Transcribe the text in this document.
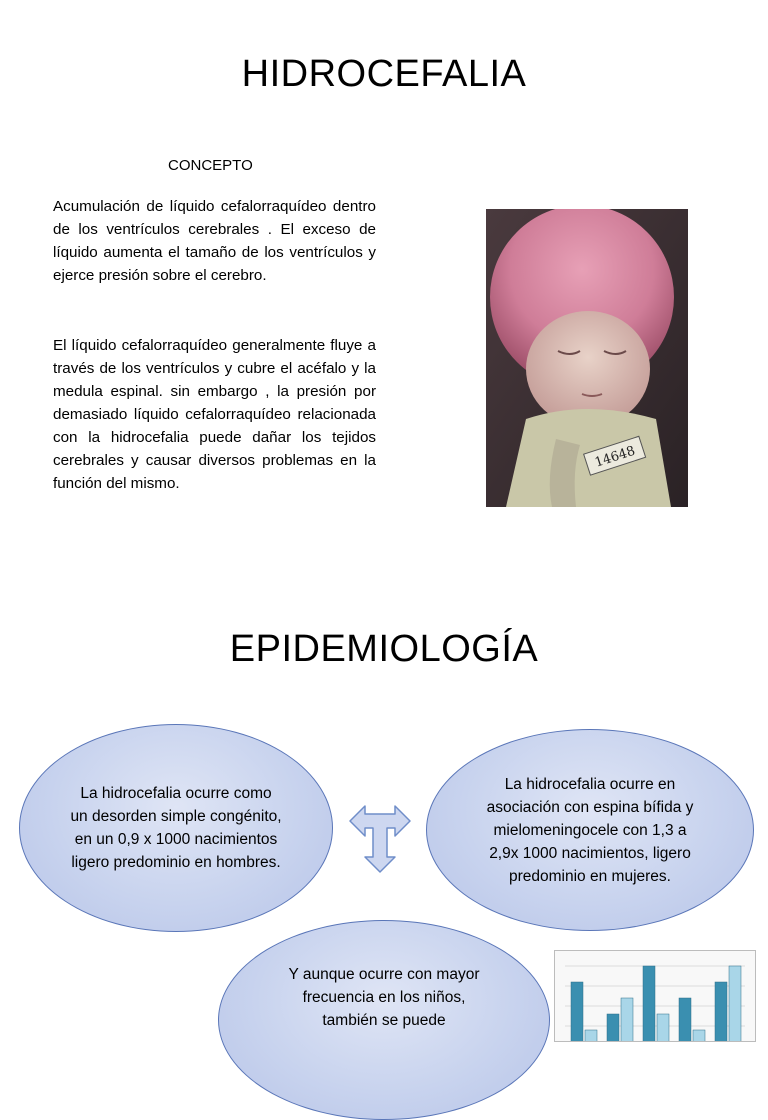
HIDROCEFALIA
CONCEPTO

Acumulación de líquido cefalorraquídeo dentro de los ventrículos cerebrales . El exceso de líquido aumenta el tamaño de los ventrículos y ejerce presión sobre el cerebro.

El líquido cefalorraquídeo generalmente fluye a través de los ventrículos y cubre el acéfalo y la medula espinal. sin embargo , la presión por demasiado líquido cefalorraquídeo relacionada con la hidrocefalia puede dañar los tejidos cerebrales y causar diversos problemas en la función del mismo.

14648
EPIDEMIOLOGÍA
La hidrocefalia ocurre como un desorden simple congénito, en un 0,9 x 1000 nacimientos ligero predominio en hombres.
La hidrocefalia ocurre en asociación con espina bífida y mielomeningocele con 1,3 a 2,9x 1000 nacimientos, ligero predominio en mujeres.
Y aunque ocurre con mayor frecuencia en los niños, también se puede
